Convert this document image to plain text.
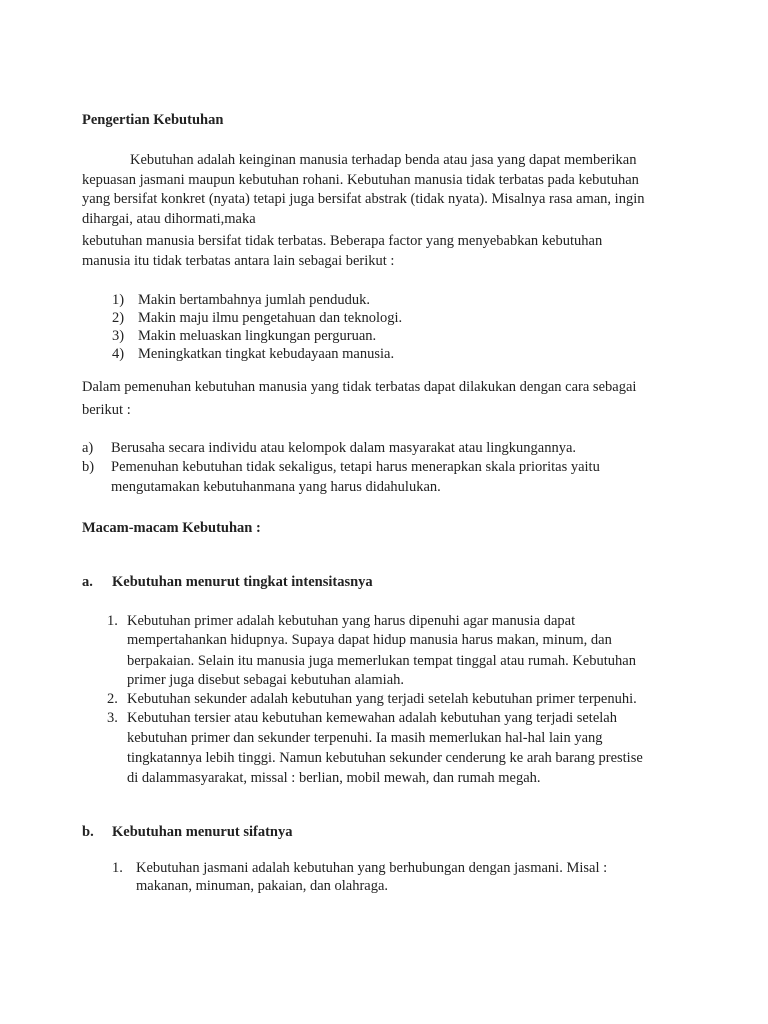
Pengertian Kebutuhan
Kebutuhan adalah keinginan manusia terhadap benda atau jasa yang dapat memberikan
kepuasan jasmani maupun kebutuhan rohani. Kebutuhan manusia tidak terbatas pada kebutuhan
yang bersifat konkret (nyata) tetapi juga bersifat abstrak (tidak nyata). Misalnya rasa aman, ingin
dihargai, atau dihormati,maka
kebutuhan manusia bersifat tidak terbatas. Beberapa factor yang menyebabkan kebutuhan
manusia itu tidak terbatas antara lain sebagai berikut :
1) Makin bertambahnya jumlah penduduk.
2) Makin maju ilmu pengetahuan dan teknologi.
3) Makin meluaskan lingkungan perguruan.
4) Meningkatkan tingkat kebudayaan manusia.
Dalam pemenuhan kebutuhan manusia yang tidak terbatas dapat dilakukan dengan cara sebagai
berikut :
a) Berusaha secara individu atau kelompok dalam masyarakat atau lingkungannya.
b) Pemenuhan kebutuhan tidak sekaligus, tetapi harus menerapkan skala prioritas yaitu
mengutamakan kebutuhanmana yang harus didahulukan.
Macam-macam Kebutuhan :
a. Kebutuhan menurut tingkat intensitasnya
1. Kebutuhan primer adalah kebutuhan yang harus dipenuhi agar manusia dapat
mempertahankan hidupnya. Supaya dapat hidup manusia harus makan, minum, dan
berpakaian. Selain itu manusia juga memerlukan tempat tinggal atau rumah. Kebutuhan
primer juga disebut sebagai kebutuhan alamiah.
2. Kebutuhan sekunder adalah kebutuhan yang terjadi setelah kebutuhan primer terpenuhi.
3. Kebutuhan tersier atau kebutuhan kemewahan adalah kebutuhan yang terjadi setelah
kebutuhan primer dan sekunder terpenuhi. Ia masih memerlukan hal-hal lain yang
tingkatannya lebih tinggi. Namun kebutuhan sekunder cenderung ke arah barang prestise
di dalammasyarakat, missal : berlian, mobil mewah, dan rumah megah.
b. Kebutuhan menurut sifatnya
1. Kebutuhan jasmani adalah kebutuhan yang berhubungan dengan jasmani. Misal :
makanan, minuman, pakaian, dan olahraga.
